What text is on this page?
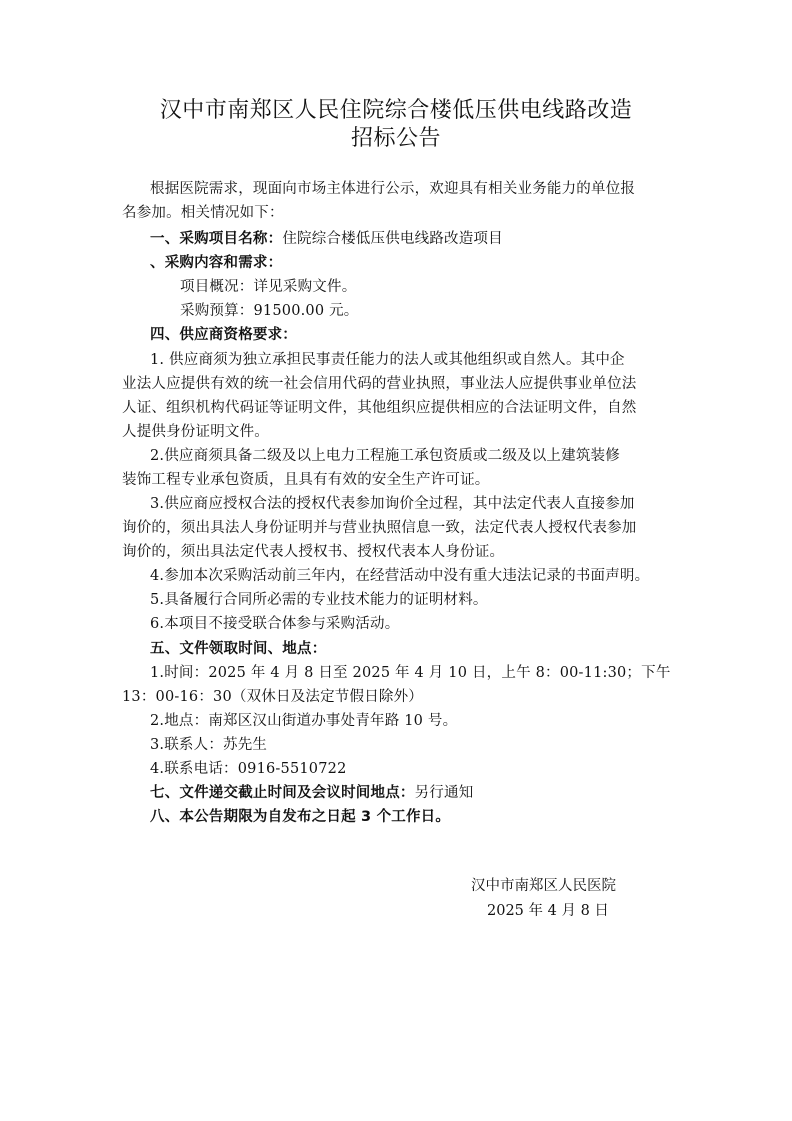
汉中市南郑区人民住院综合楼低压供电线路改造
招标公告
根据医院需求，现面向市场主体进行公示，欢迎具有相关业务能力的单位报
名参加。相关情况如下：
一、采购项目名称：住院综合楼低压供电线路改造项目
、采购内容和需求：
项目概况：详见采购文件。
采购预算：91500.00 元。
四、供应商资格要求：
1. 供应商须为独立承担民事责任能力的法人或其他组织或自然人。其中企
业法人应提供有效的统一社会信用代码的营业执照，事业法人应提供事业单位法
人证、组织机构代码证等证明文件，其他组织应提供相应的合法证明文件，自然
人提供身份证明文件。
2.供应商须具备二级及以上电力工程施工承包资质或二级及以上建筑装修
装饰工程专业承包资质，且具有有效的安全生产许可证。
3.供应商应授权合法的授权代表参加询价全过程，其中法定代表人直接参加
询价的，须出具法人身份证明并与营业执照信息一致，法定代表人授权代表参加
询价的，须出具法定代表人授权书、授权代表本人身份证。
4.参加本次采购活动前三年内，在经营活动中没有重大违法记录的书面声明。
5.具备履行合同所必需的专业技术能力的证明材料。
6.本项目不接受联合体参与采购活动。
五、文件领取时间、地点：
1.时间：2025 年 4 月 8 日至 2025 年 4 月 10 日，上午 8：00-11:30；下午
13：00-16：30（双休日及法定节假日除外）
2.地点：南郑区汉山街道办事处青年路 10 号。
3.联系人：苏先生
4.联系电话：0916-5510722
七、文件递交截止时间及会议时间地点：另行通知
八、本公告期限为自发布之日起 3 个工作日。
汉中市南郑区人民医院
2025 年 4 月 8 日
